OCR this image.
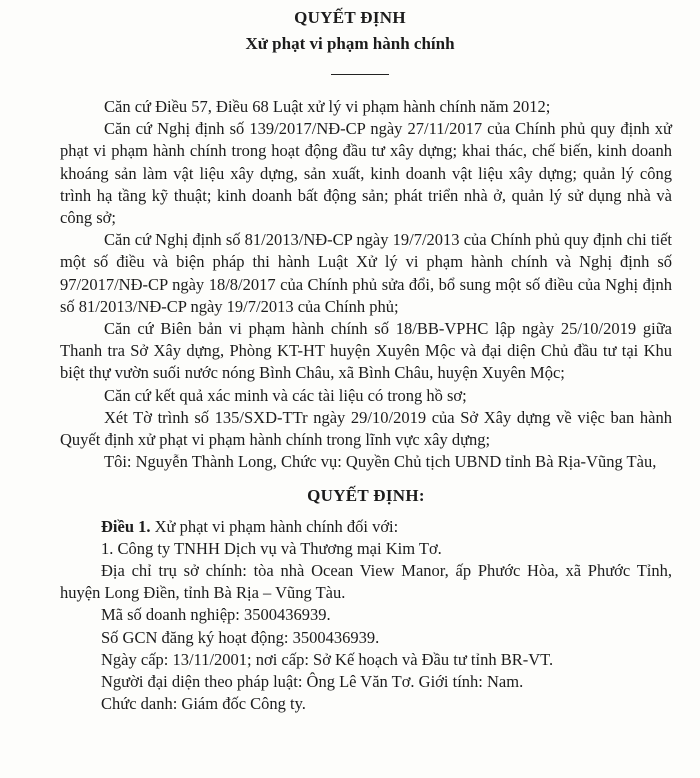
QUYẾT ĐỊNH
Xử phạt vi phạm hành chính

Căn cứ Điều 57, Điều 68 Luật xử lý vi phạm hành chính năm 2012;

Căn cứ Nghị định số 139/2017/NĐ-CP ngày 27/11/2017 của Chính phủ quy định xử phạt vi phạm hành chính trong hoạt động đầu tư xây dựng; khai thác, chế biến, kinh doanh khoáng sản làm vật liệu xây dựng, sản xuất, kinh doanh vật liệu xây dựng; quản lý công trình hạ tầng kỹ thuật; kinh doanh bất động sản; phát triển nhà ở, quản lý sử dụng nhà và công sở;

Căn cứ Nghị định số 81/2013/NĐ-CP ngày 19/7/2013 của Chính phủ quy định chi tiết một số điều và biện pháp thi hành Luật Xử lý vi phạm hành chính và Nghị định số 97/2017/NĐ-CP ngày 18/8/2017 của Chính phủ sửa đổi, bổ sung một số điều của Nghị định số 81/2013/NĐ-CP ngày 19/7/2013 của Chính phủ;

Căn cứ Biên bản vi phạm hành chính số 18/BB-VPHC lập ngày 25/10/2019 giữa Thanh tra Sở Xây dựng, Phòng KT-HT huyện Xuyên Mộc và đại diện Chủ đầu tư tại Khu biệt thự vườn suối nước nóng Bình Châu, xã Bình Châu, huyện Xuyên Mộc;

Căn cứ kết quả xác minh và các tài liệu có trong hồ sơ;

Xét Tờ trình số 135/SXD-TTr ngày 29/10/2019 của Sở Xây dựng về việc ban hành Quyết định xử phạt vi phạm hành chính trong lĩnh vực xây dựng;

Tôi: Nguyễn Thành Long, Chức vụ: Quyền Chủ tịch UBND tỉnh Bà Rịa-Vũng Tàu,

QUYẾT ĐỊNH:

Điều 1. Xử phạt vi phạm hành chính đối với:

1. Công ty TNHH Dịch vụ và Thương mại Kim Tơ.

Địa chỉ trụ sở chính: tòa nhà Ocean View Manor, ấp Phước Hòa, xã Phước Tỉnh, huyện Long Điền, tỉnh Bà Rịa – Vũng Tàu.

Mã số doanh nghiệp: 3500436939.

Số GCN đăng ký hoạt động: 3500436939.

Ngày cấp: 13/11/2001; nơi cấp: Sở Kế hoạch và Đầu tư tỉnh BR-VT.

Người đại diện theo pháp luật: Ông Lê Văn Tơ. Giới tính: Nam.

Chức danh: Giám đốc Công ty.
